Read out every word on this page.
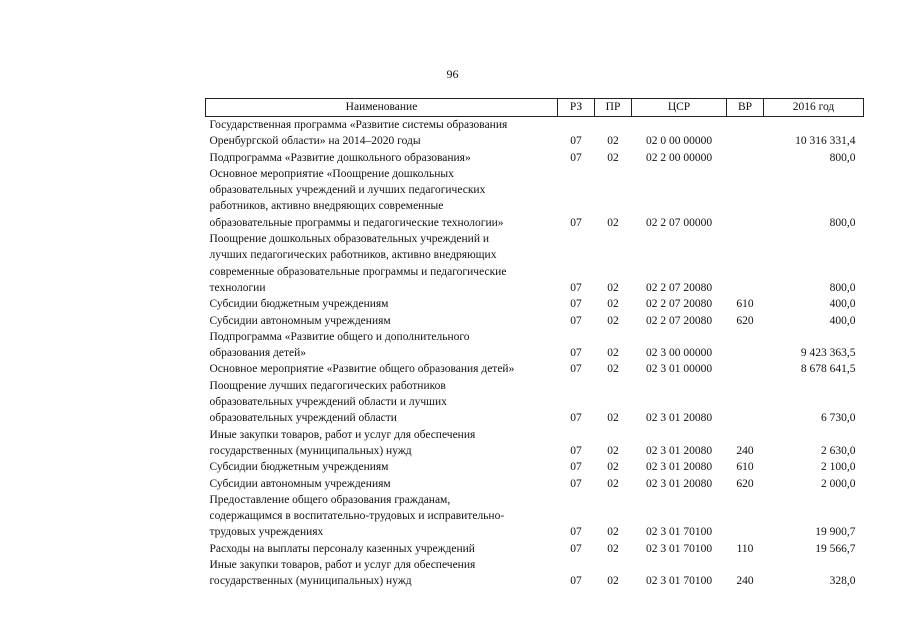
96
Наименование	РЗ	ПР	ЦСР	ВР	2016 год

Государственная программа «Развитие системы образования
Оренбургской области» на 2014–2020 годы	07	02	02 0 00 00000		10 316 331,4

Подпрограмма «Развитие дошкольного образования»	07	02	02 2 00 00000		800,0

Основное мероприятие «Поощрение дошкольных
образовательных учреждений и лучших педагогических
работников, активно внедряющих современные
образовательные программы и педагогические технологии»	07	02	02 2 07 00000		800,0

Поощрение дошкольных образовательных учреждений и
лучших педагогических работников, активно внедряющих
современные образовательные программы и педагогические
технологии	07	02	02 2 07 20080		800,0

Субсидии бюджетным учреждениям	07	02	02 2 07 20080	610	400,0

Субсидии автономным учреждениям	07	02	02 2 07 20080	620	400,0

Подпрограмма «Развитие общего и дополнительного
образования детей»	07	02	02 3 00 00000		9 423 363,5

Основное мероприятие «Развитие общего образования детей»	07	02	02 3 01 00000		8 678 641,5

Поощрение лучших педагогических работников
образовательных учреждений области и лучших
образовательных учреждений области	07	02	02 3 01 20080		6 730,0

Иные закупки товаров, работ и услуг для обеспечения
государственных (муниципальных) нужд	07	02	02 3 01 20080	240	2 630,0

Субсидии бюджетным учреждениям	07	02	02 3 01 20080	610	2 100,0

Субсидии автономным учреждениям	07	02	02 3 01 20080	620	2 000,0

Предоставление общего образования гражданам,
содержащимся в воспитательно-трудовых и исправительно-
трудовых учреждениях	07	02	02 3 01 70100		19 900,7

Расходы на выплаты персоналу казенных учреждений	07	02	02 3 01 70100	110	19 566,7

Иные закупки товаров, работ и услуг для обеспечения
государственных (муниципальных) нужд	07	02	02 3 01 70100	240	328,0
